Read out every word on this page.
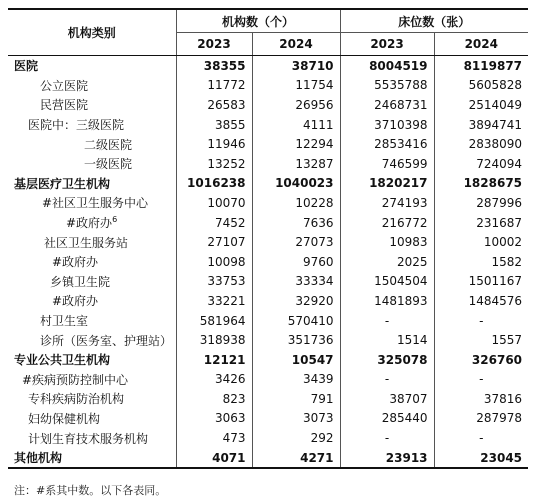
机构类别	机构数（个）		床位数（张）	
	2023	2024	2023	2024
医院	38355	38710	8004519	8119877
公立医院	11772	11754	5535788	5605828
民营医院	26583	26956	2468731	2514049
医院中：三级医院	3855	4111	3710398	3894741
二级医院	11946	12294	2853416	2838090
一级医院	13252	13287	746599	724094
基层医疗卫生机构	1016238	1040023	1820217	1828675
#社区卫生服务中心	10070	10228	274193	287996
#政府办$^6$	7452	7636	216772	231687
社区卫生服务站	27107	27073	10983	10002
#政府办	10098	9760	2025	1582
乡镇卫生院	33753	33334	1504504	1501167
#政府办	33221	32920	1481893	1484576
村卫生室	581964	570410	-	-
诊所（医务室、护理站）	318938	351736	1514	1557
专业公共卫生机构	12121	10547	325078	326760
#疾病预防控制中心	3426	3439	-	-
专科疾病防治机构	823	791	38707	37816
妇幼保健机构	3063	3073	285440	287978
计划生育技术服务机构	473	292	-	-
其他机构	4071	4271	23913	23045
注：#系其中数。以下各表同。
